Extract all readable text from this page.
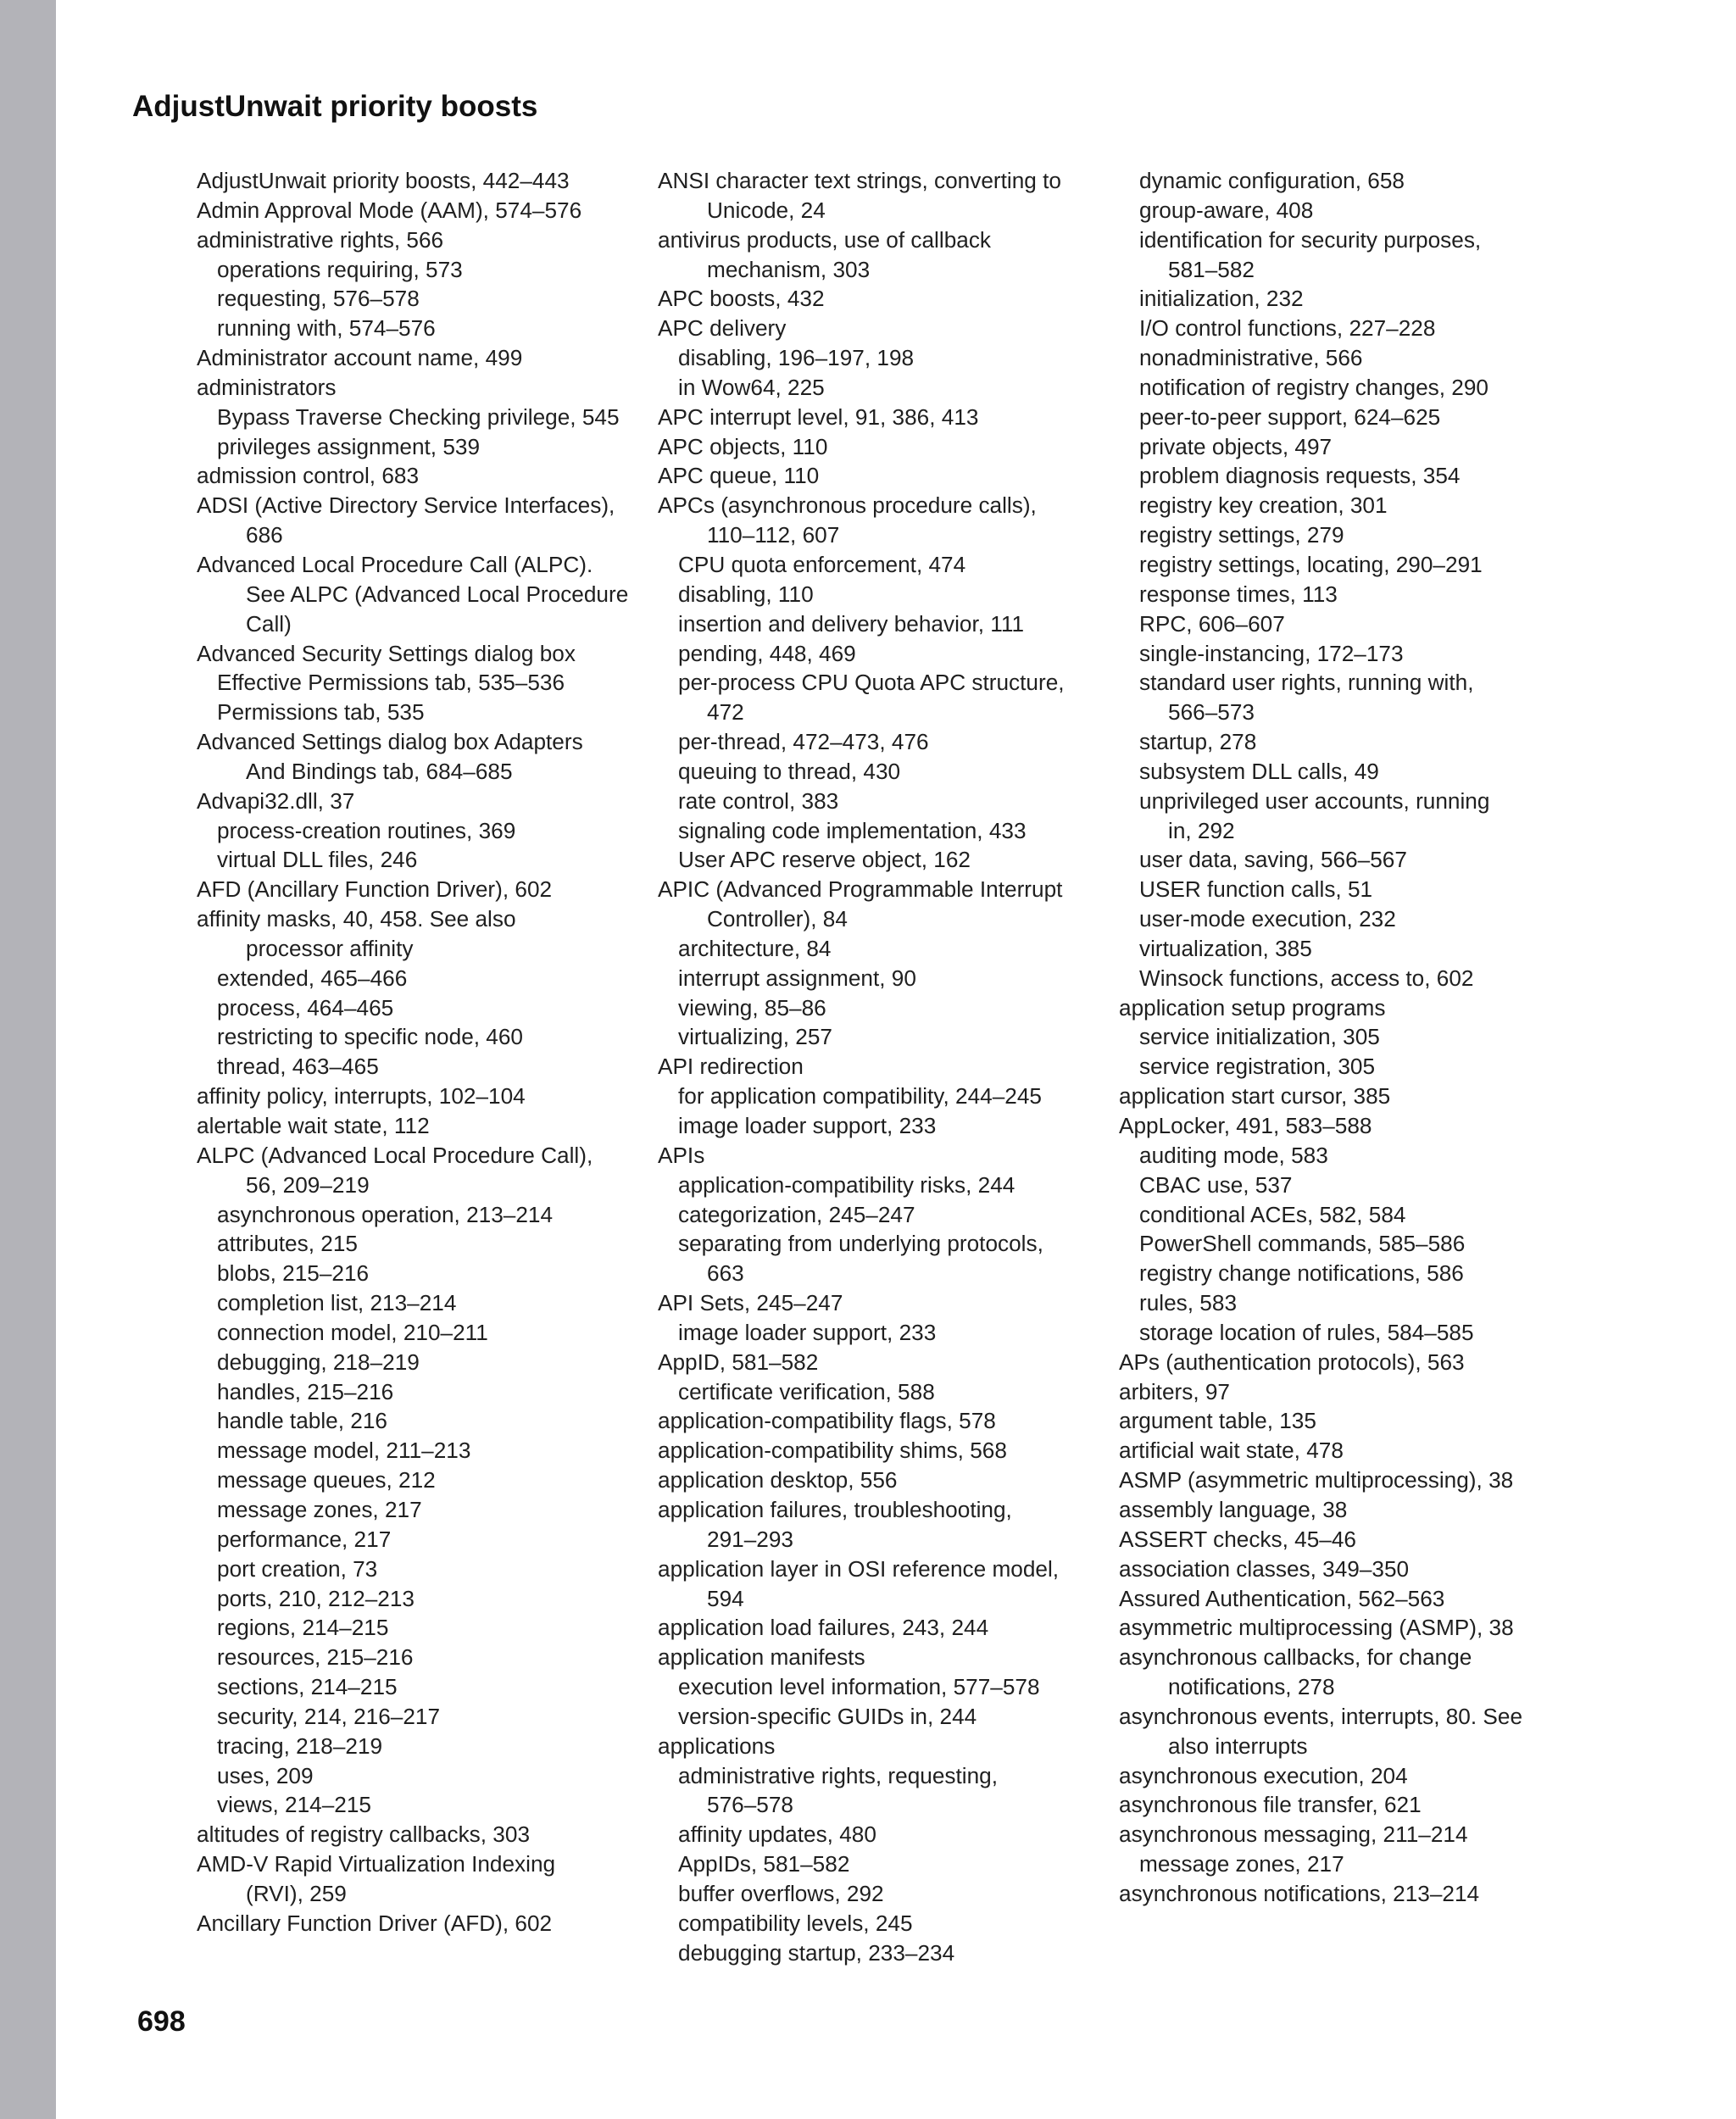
AdjustUnwait priority boosts
AdjustUnwait priority boosts, 442–443
Admin Approval Mode (AAM), 574–576
administrative rights, 566
operations requiring, 573
requesting, 576–578
running with, 574–576
Administrator account name, 499
administrators
Bypass Traverse Checking privilege, 545
privileges assignment, 539
admission control, 683
ADSI (Active Directory Service Interfaces),
686
Advanced Local Procedure Call (ALPC).
See ALPC (Advanced Local Procedure
Call)
Advanced Security Settings dialog box
Effective Permissions tab, 535–536
Permissions tab, 535
Advanced Settings dialog box Adapters
And Bindings tab, 684–685
Advapi32.dll, 37
process-creation routines, 369
virtual DLL files, 246
AFD (Ancillary Function Driver), 602
affinity masks, 40, 458. See also
processor affinity
extended, 465–466
process, 464–465
restricting to specific node, 460
thread, 463–465
affinity policy, interrupts, 102–104
alertable wait state, 112
ALPC (Advanced Local Procedure Call),
56, 209–219
asynchronous operation, 213–214
attributes, 215
blobs, 215–216
completion list, 213–214
connection model, 210–211
debugging, 218–219
handles, 215–216
handle table, 216
message model, 211–213
message queues, 212
message zones, 217
performance, 217
port creation, 73
ports, 210, 212–213
regions, 214–215
resources, 215–216
sections, 214–215
security, 214, 216–217
tracing, 218–219
uses, 209
views, 214–215
altitudes of registry callbacks, 303
AMD-V Rapid Virtualization Indexing
(RVI), 259
Ancillary Function Driver (AFD), 602
ANSI character text strings, converting to
Unicode, 24
antivirus products, use of callback
mechanism, 303
APC boosts, 432
APC delivery
disabling, 196–197, 198
in Wow64, 225
APC interrupt level, 91, 386, 413
APC objects, 110
APC queue, 110
APCs (asynchronous procedure calls),
110–112, 607
CPU quota enforcement, 474
disabling, 110
insertion and delivery behavior, 111
pending, 448, 469
per-process CPU Quota APC structure,
472
per-thread, 472–473, 476
queuing to thread, 430
rate control, 383
signaling code implementation, 433
User APC reserve object, 162
APIC (Advanced Programmable Interrupt
Controller), 84
architecture, 84
interrupt assignment, 90
viewing, 85–86
virtualizing, 257
API redirection
for application compatibility, 244–245
image loader support, 233
APIs
application-compatibility risks, 244
categorization, 245–247
separating from underlying protocols,
663
API Sets, 245–247
image loader support, 233
AppID, 581–582
certificate verification, 588
application-compatibility flags, 578
application-compatibility shims, 568
application desktop, 556
application failures, troubleshooting,
291–293
application layer in OSI reference model,
594
application load failures, 243, 244
application manifests
execution level information, 577–578
version-specific GUIDs in, 244
applications
administrative rights, requesting,
576–578
affinity updates, 480
AppIDs, 581–582
buffer overflows, 292
compatibility levels, 245
debugging startup, 233–234
dynamic configuration, 658
group-aware, 408
identification for security purposes,
581–582
initialization, 232
I/O control functions, 227–228
nonadministrative, 566
notification of registry changes, 290
peer-to-peer support, 624–625
private objects, 497
problem diagnosis requests, 354
registry key creation, 301
registry settings, 279
registry settings, locating, 290–291
response times, 113
RPC, 606–607
single-instancing, 172–173
standard user rights, running with,
566–573
startup, 278
subsystem DLL calls, 49
unprivileged user accounts, running
in, 292
user data, saving, 566–567
USER function calls, 51
user-mode execution, 232
virtualization, 385
Winsock functions, access to, 602
application setup programs
service initialization, 305
service registration, 305
application start cursor, 385
AppLocker, 491, 583–588
auditing mode, 583
CBAC use, 537
conditional ACEs, 582, 584
PowerShell commands, 585–586
registry change notifications, 586
rules, 583
storage location of rules, 584–585
APs (authentication protocols), 563
arbiters, 97
argument table, 135
artificial wait state, 478
ASMP (asymmetric multiprocessing), 38
assembly language, 38
ASSERT checks, 45–46
association classes, 349–350
Assured Authentication, 562–563
asymmetric multiprocessing (ASMP), 38
asynchronous callbacks, for change
notifications, 278
asynchronous events, interrupts, 80. See
also interrupts
asynchronous execution, 204
asynchronous file transfer, 621
asynchronous messaging, 211–214
message zones, 217
asynchronous notifications, 213–214
698
